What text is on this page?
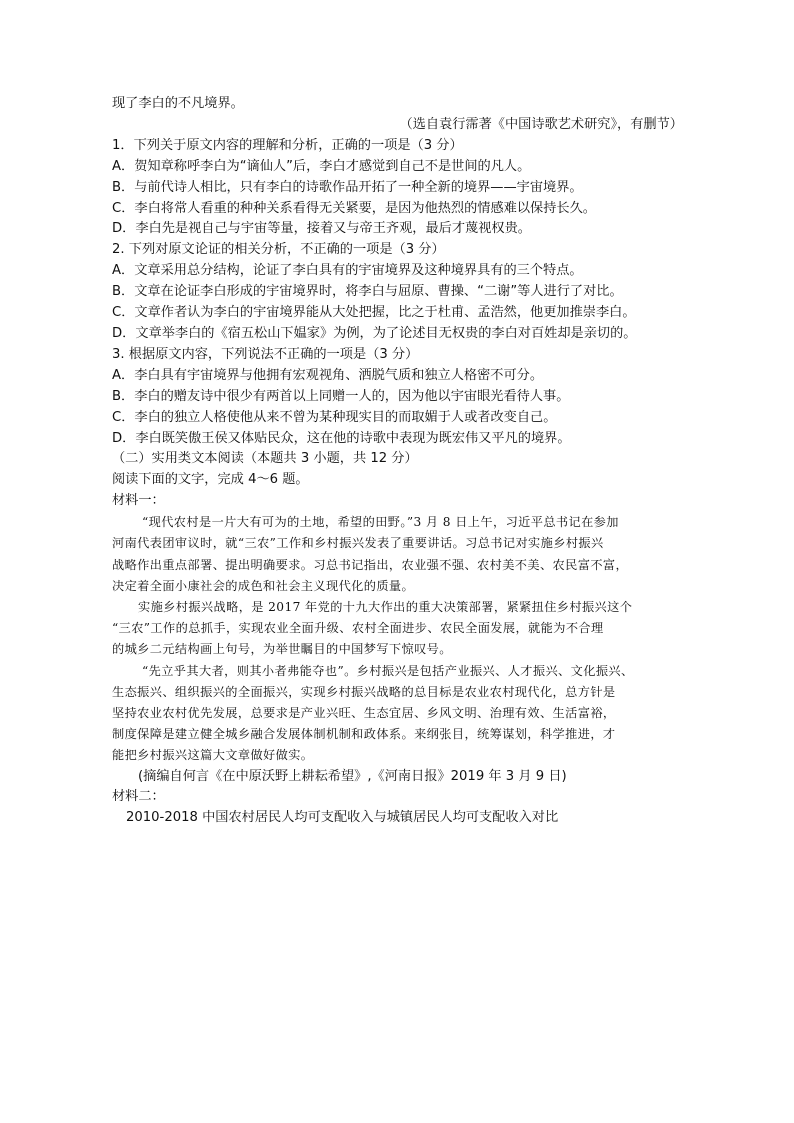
现了李白的不凡境界。
（选自袁行霈著《中国诗歌艺术研究》，有删节）
1．下列关于原文内容的理解和分析，正确的一项是（3 分）
A．贺知章称呼李白为“谪仙人”后，李白才感觉到自己不是世间的凡人。
B．与前代诗人相比，只有李白的诗歌作品开拓了一种全新的境界——宇宙境界。
C．李白将常人看重的种种关系看得无关紧要，是因为他热烈的情感难以保持长久。
D．李白先是视自己与宇宙等量，接着又与帝王齐观，最后才蔑视权贵。
2. 下列对原文论证的相关分析，不正确的一项是（3 分）
A．文章采用总分结构，论证了李白具有的宇宙境界及这种境界具有的三个特点。
B．文章在论证李白形成的宇宙境界时，将李白与屈原、曹操、“二谢”等人进行了对比。
C．文章作者认为李白的宇宙境界能从大处把握，比之于杜甫、孟浩然，他更加推崇李白。
D．文章举李白的《宿五松山下媪家》为例，为了论述目无权贵的李白对百姓却是亲切的。
3. 根据原文内容，下列说法不正确的一项是（3 分）
A．李白具有宇宙境界与他拥有宏观视角、洒脱气质和独立人格密不可分。
B．李白的赠友诗中很少有两首以上同赠一人的，因为他以宇宙眼光看待人事。
C．李白的独立人格使他从来不曾为某种现实目的而取媚于人或者改变自己。
D．李白既笑傲王侯又体贴民众，这在他的诗歌中表现为既宏伟又平凡的境界。
（二）实用类文本阅读（本题共 3 小题，共 12 分）
阅读下面的文字，完成 4～6 题。
材料一：
“现代农村是一片大有可为的土地，希望的田野。”3 月 8 日上午，习近平总书记在参加
河南代表团审议时，就“三农”工作和乡村振兴发表了重要讲话。习总书记对实施乡村振兴
战略作出重点部署、提出明确要求。习总书记指出，农业强不强、农村美不美、农民富不富，
决定着全面小康社会的成色和社会主义现代化的质量。
实施乡村振兴战略，是 2017 年党的十九大作出的重大决策部署，紧紧扭住乡村振兴这个
“三农”工作的总抓手，实现农业全面升级、农村全面进步、农民全面发展，就能为不合理
的城乡二元结构画上句号，为举世瞩目的中国梦写下惊叹号。
“先立乎其大者，则其小者弗能夺也”。乡村振兴是包括产业振兴、人才振兴、文化振兴、
生态振兴、组织振兴的全面振兴，实现乡村振兴战略的总目标是农业农村现代化，总方针是
坚持农业农村优先发展，总要求是产业兴旺、生态宜居、乡风文明、治理有效、生活富裕，
制度保障是建立健全城乡融合发展体制机制和政体系。来纲张目，统筹谋划，科学推进，才
能把乡村振兴这篇大文章做好做实。
(摘编自何言《在中原沃野上耕耘希望》,《河南日报》2019 年 3 月 9 日)
材料二：
2010-2018 中国农村居民人均可支配收入与城镇居民人均可支配收入对比
